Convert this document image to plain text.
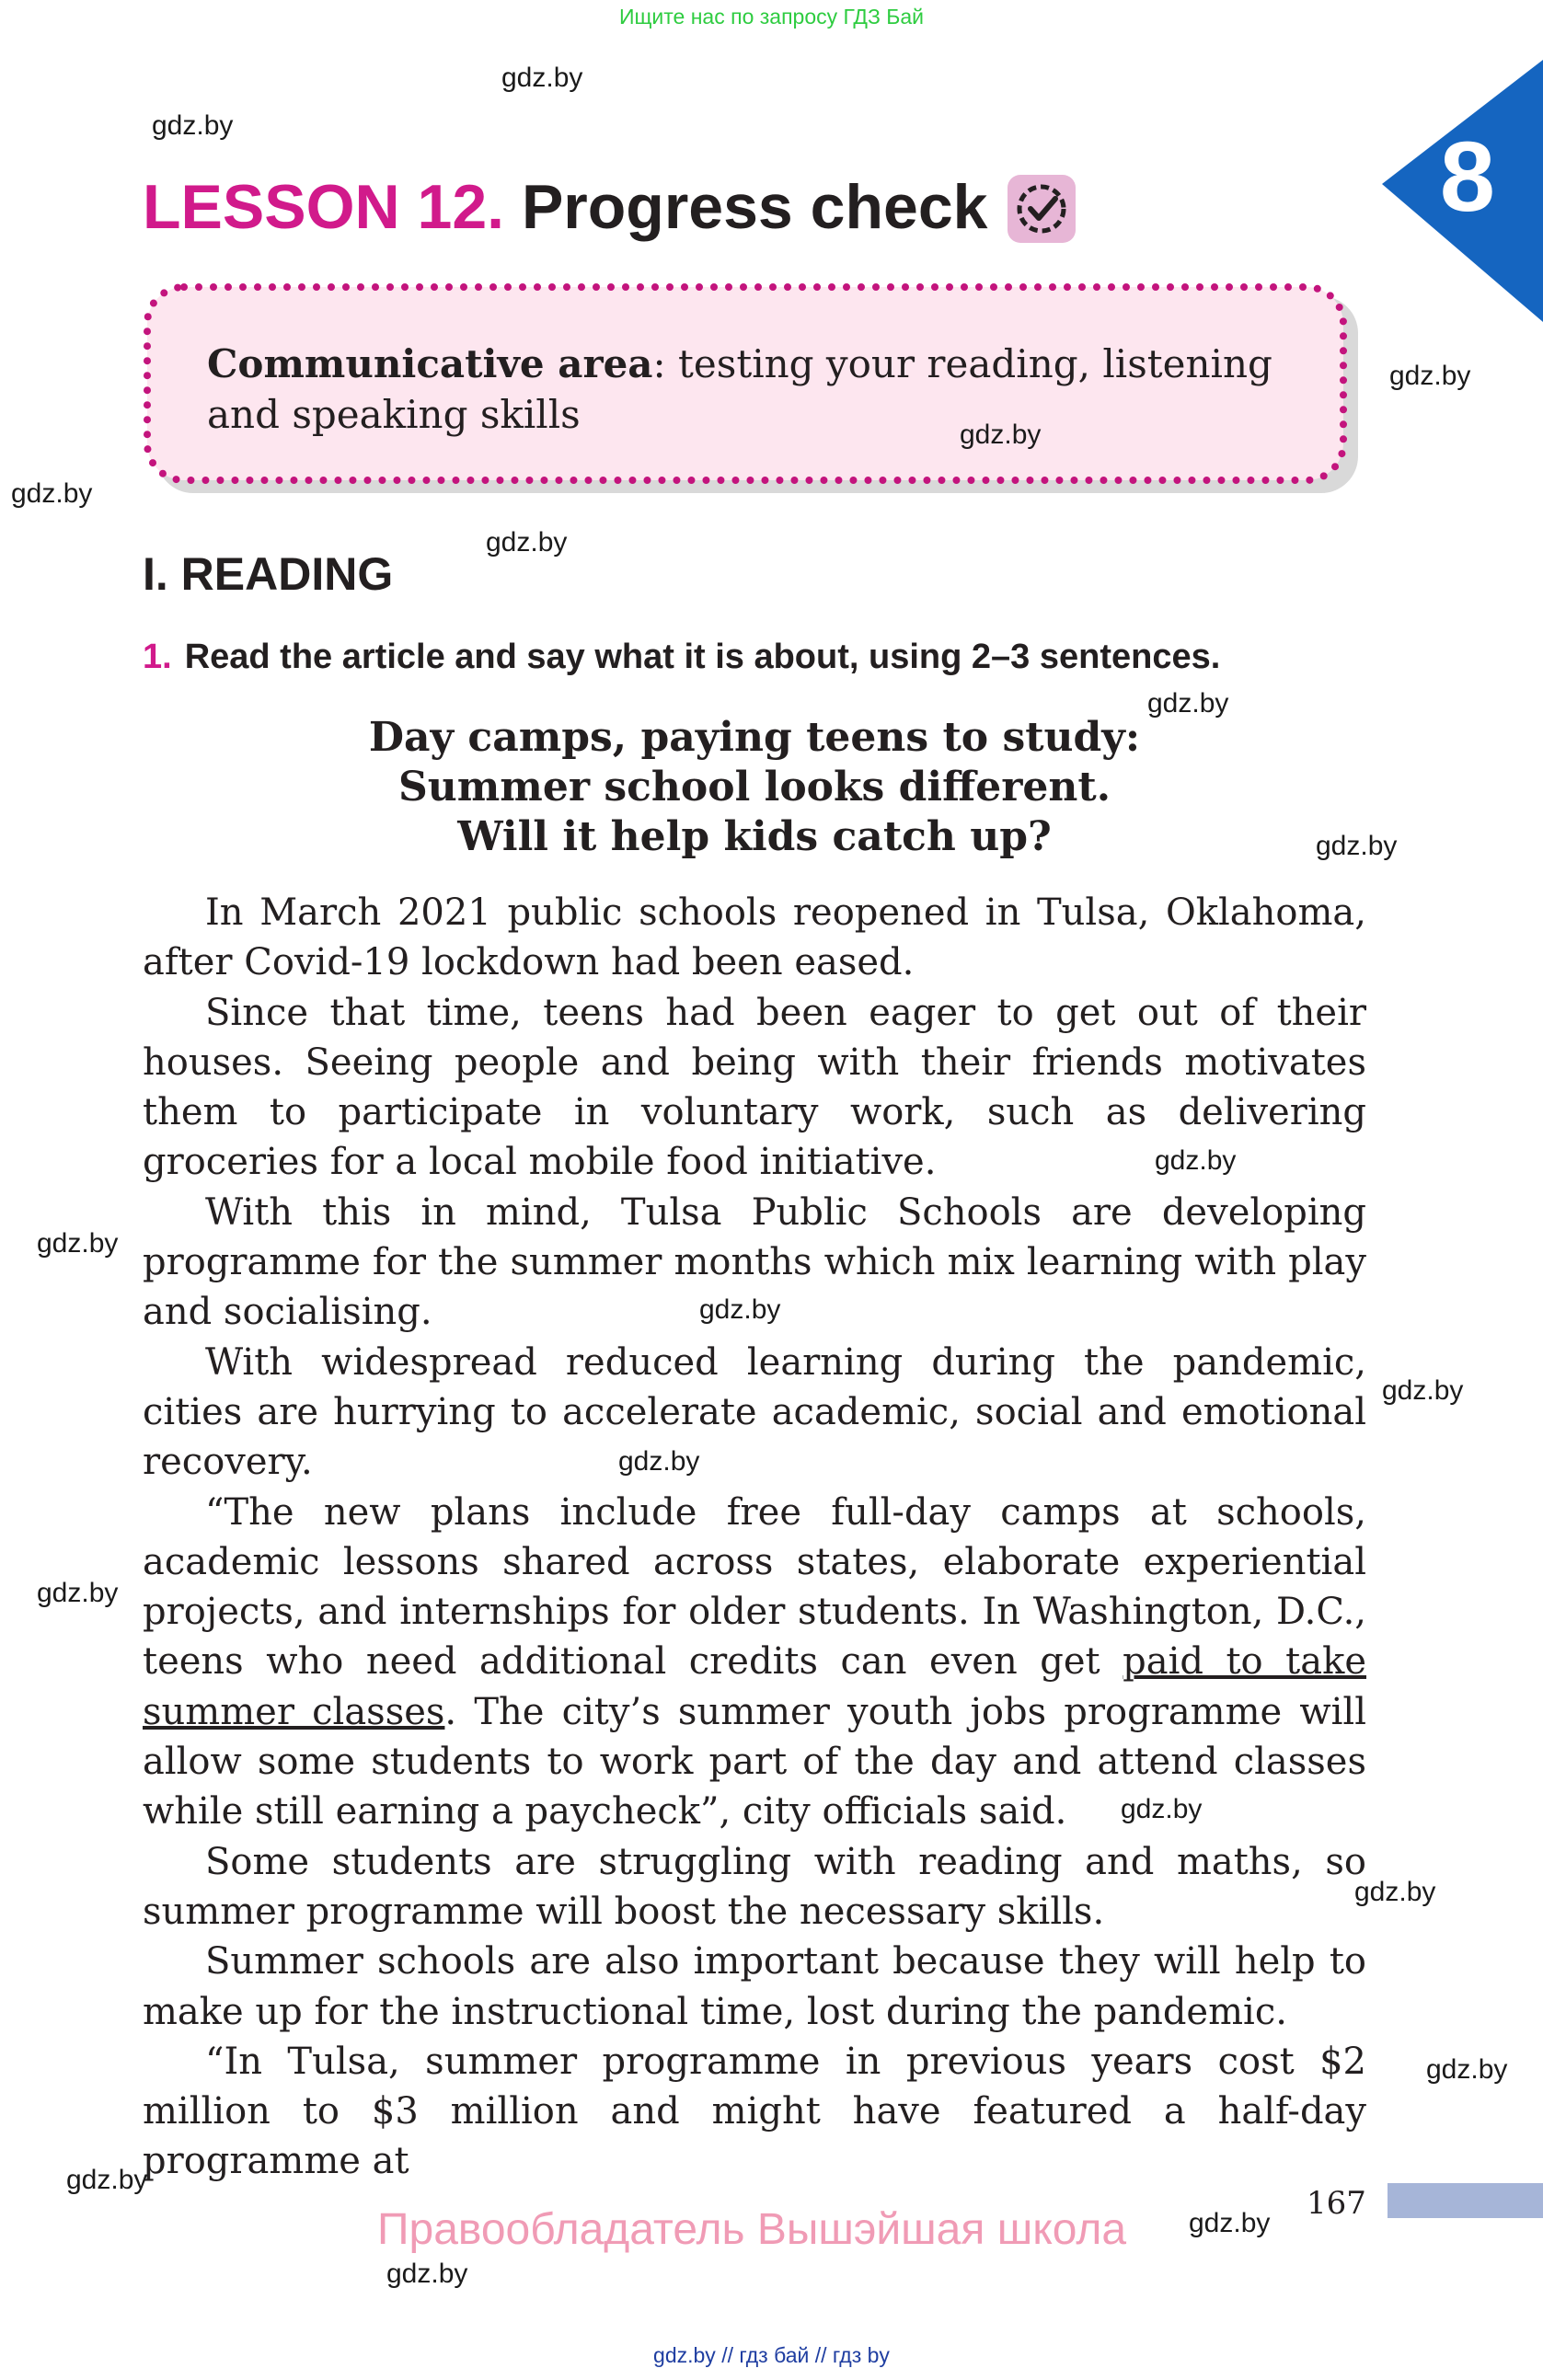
Ищите нас по запросу ГДЗ Бай
8
LESSON 12. Progress check
Communicative area: testing your reading, listening and speaking skills
I. READING
1. Read the article and say what it is about, using 2–3 sentences.
Day camps, paying teens to study:
Summer school looks different.
Will it help kids catch up?

In March 2021 public schools reopened in Tulsa, Oklahoma, after Covid-19 lockdown had been eased.

Since that time, teens had been eager to get out of their houses. Seeing people and being with their friends motivates them to participate in voluntary work, such as delivering groceries for a local mobile food initiative.

With this in mind, Tulsa Public Schools are developing programme for the summer months which mix learning with play and socialising.

With widespread reduced learning during the pandemic, cities are hurrying to accelerate academic, social and emotional recovery.

“The new plans include free full-day camps at schools, academic lessons shared across states, elaborate experiential projects, and internships for older students. In Washington, D.C., teens who need additional credits can even get paid to take summer classes. The city’s summer youth jobs programme will allow some students to work part of the day and attend classes while still earning a paycheck”, city officials said.

Some students are struggling with reading and maths, so summer programme will boost the necessary skills.

Summer schools are also important because they will help to make up for the instructional time, lost during the pandemic.

“In Tulsa, summer programme in previous years cost $2 million to $3 million and might have featured a half-day programme at

gdz.by
gdz.by
gdz.by
gdz.by
gdz.by
gdz.by
gdz.by
gdz.by
gdz.by
gdz.by
gdz.by
gdz.by
gdz.by
gdz.by
gdz.by
gdz.by
gdz.by
gdz.by
gdz.by
gdz.by
167
Правообладатель Вышэйшая школа
gdz.by // гдз бай // гдз by
